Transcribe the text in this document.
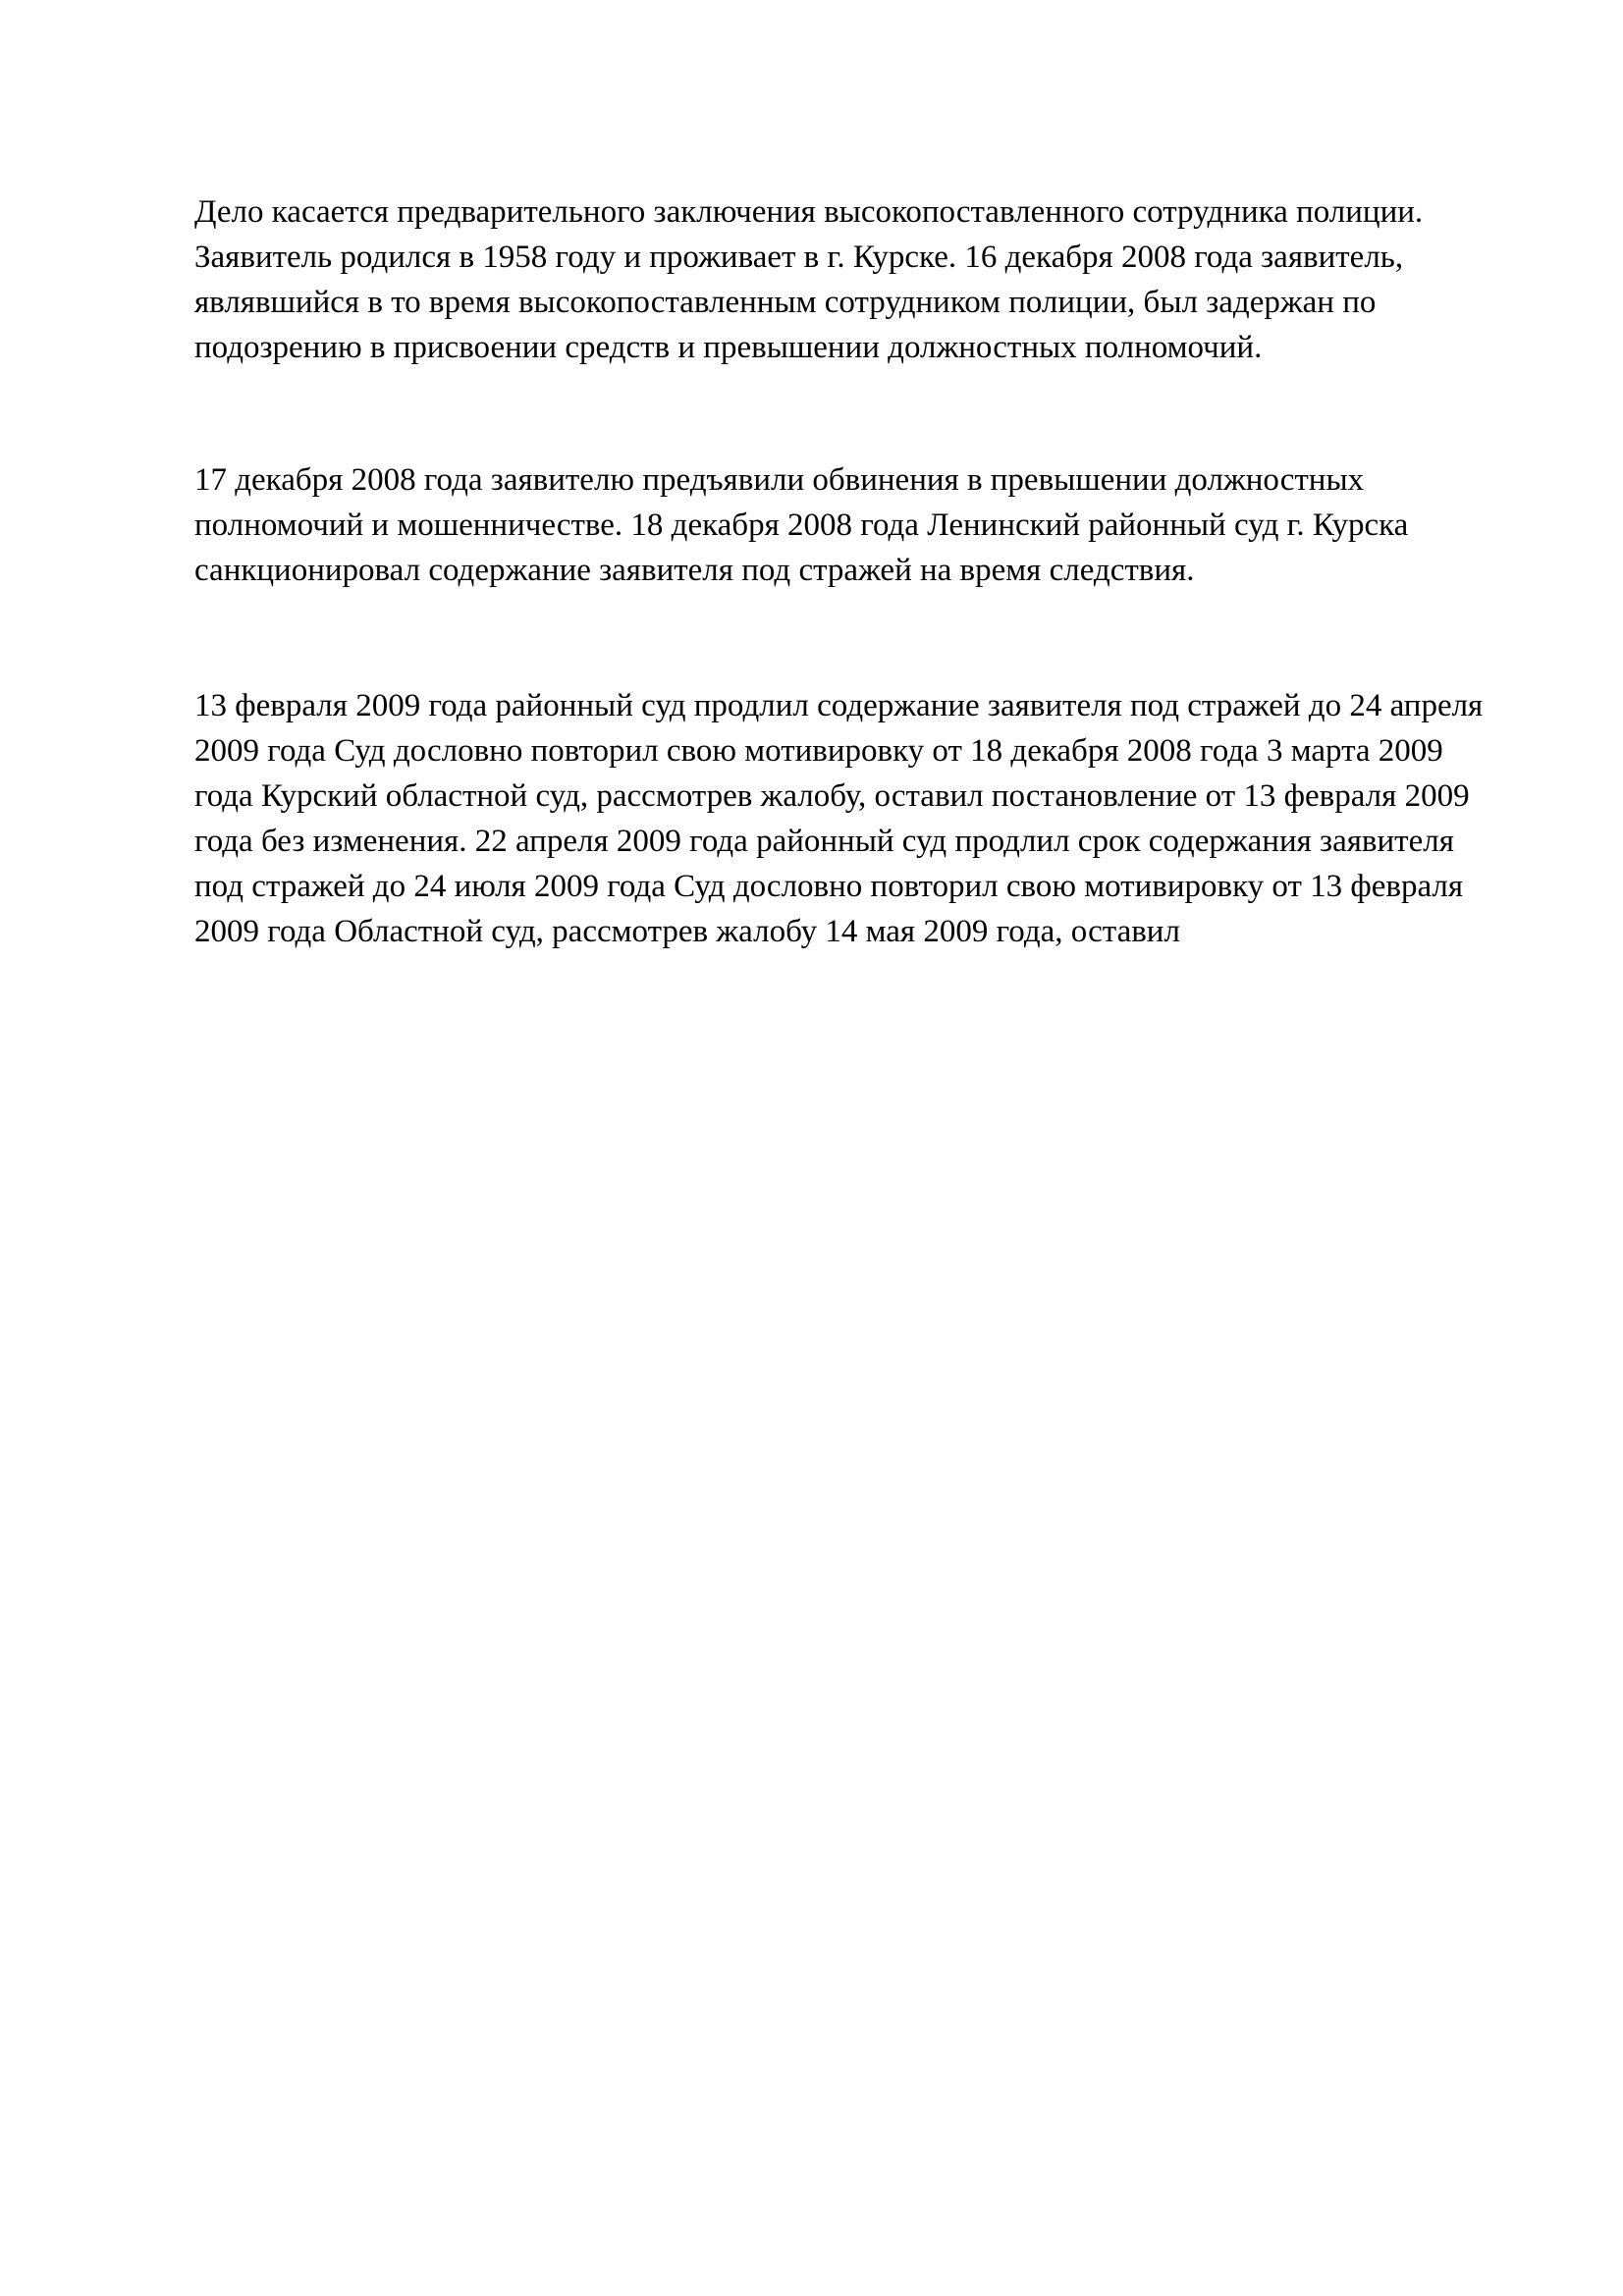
Дело касается предварительного заключения высокопоставленного сотрудника полиции.
Заявитель родился в 1958 году и проживает в г. Курске. 16 декабря 2008 года заявитель,
являвшийся в то время высокопоставленным сотрудником полиции, был задержан по
подозрению в присвоении средств и превышении должностных полномочий.
17 декабря 2008 года заявителю предъявили обвинения в превышении должностных
полномочий и мошенничестве. 18 декабря 2008 года Ленинский районный суд г. Курска
санкционировал содержание заявителя под стражей на время следствия.
13 февраля 2009 года районный суд продлил содержание заявителя под стражей до 24 апреля
2009 года Суд дословно повторил свою мотивировку от 18 декабря 2008 года 3 марта 2009
года Курский областной суд, рассмотрев жалобу, оставил постановление от 13 февраля 2009
года без изменения. 22 апреля 2009 года районный суд продлил срок содержания заявителя
под стражей до 24 июля 2009 года Суд дословно повторил свою мотивировку от 13 февраля
2009 года Областной суд, рассмотрев жалобу 14 мая 2009 года, оставил
